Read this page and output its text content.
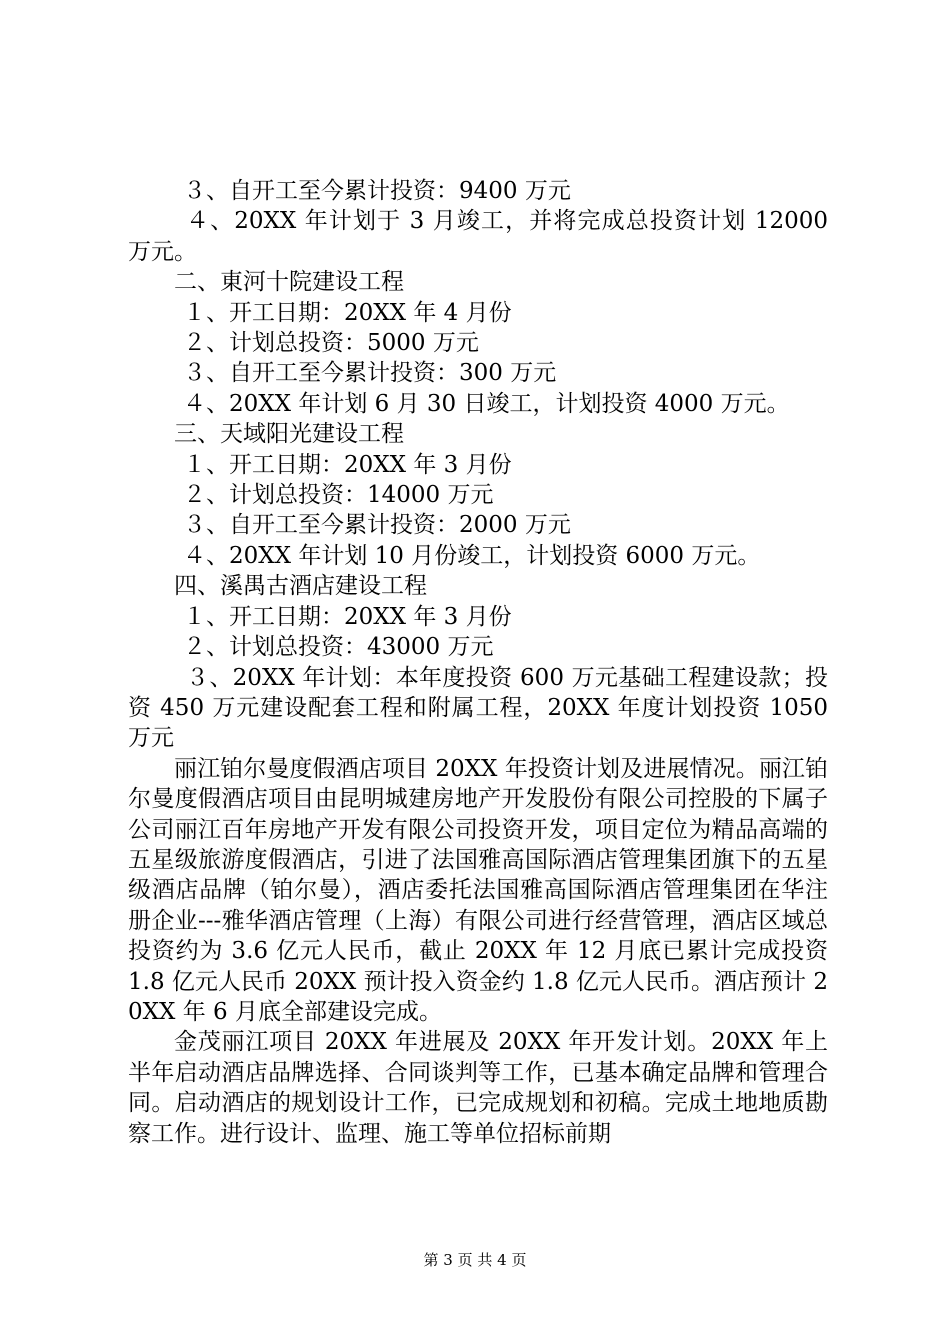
３、自开工至今累计投资：9400 万元

４、20XX 年计划于 3 月竣工，并将完成总投资计划 12000 万元。

二、東河十院建设工程

１、开工日期：20XX 年 4 月份

２、计划总投资：5000 万元

３、自开工至今累计投资：300 万元

４、20XX 年计划 6 月 30 日竣工，计划投资 4000 万元。

三、天域阳光建设工程

１、开工日期：20XX 年 3 月份

２、计划总投资：14000 万元

３、自开工至今累计投资：2000 万元

４、20XX 年计划 10 月份竣工，计划投资 6000 万元。

四、溪禺古酒店建设工程

１、开工日期：20XX 年 3 月份

２、计划总投资：43000 万元

３、20XX 年计划：本年度投资 600 万元基础工程建设款；投资 450 万元建设配套工程和附属工程，20XX 年度计划投资 1050 万元

丽江铂尔曼度假酒店项目 20XX 年投资计划及进展情况。丽江铂尔曼度假酒店项目由昆明城建房地产开发股份有限公司控股的下属子公司丽江百年房地产开发有限公司投资开发，项目定位为精品高端的五星级旅游度假酒店，引进了法国雅高国际酒店管理集团旗下的五星级酒店品牌（铂尔曼），酒店委托法国雅高国际酒店管理集团在华注册企业---雅华酒店管理（上海）有限公司进行经营管理，酒店区域总投资约为 3.6 亿元人民币，截止 20XX 年 12 月底已累计完成投资 1.8 亿元人民币 20XX 预计投入资金约 1.8 亿元人民币。酒店预计 20XX 年 6 月底全部建设完成。

金茂丽江项目 20XX 年进展及 20XX 年开发计划。20XX 年上半年启动酒店品牌选择、合同谈判等工作，已基本确定品牌和管理合同。启动酒店的规划设计工作，已完成规划和初稿。完成土地地质勘察工作。进行设计、监理、施工等单位招标前期

第 3 页 共 4 页
